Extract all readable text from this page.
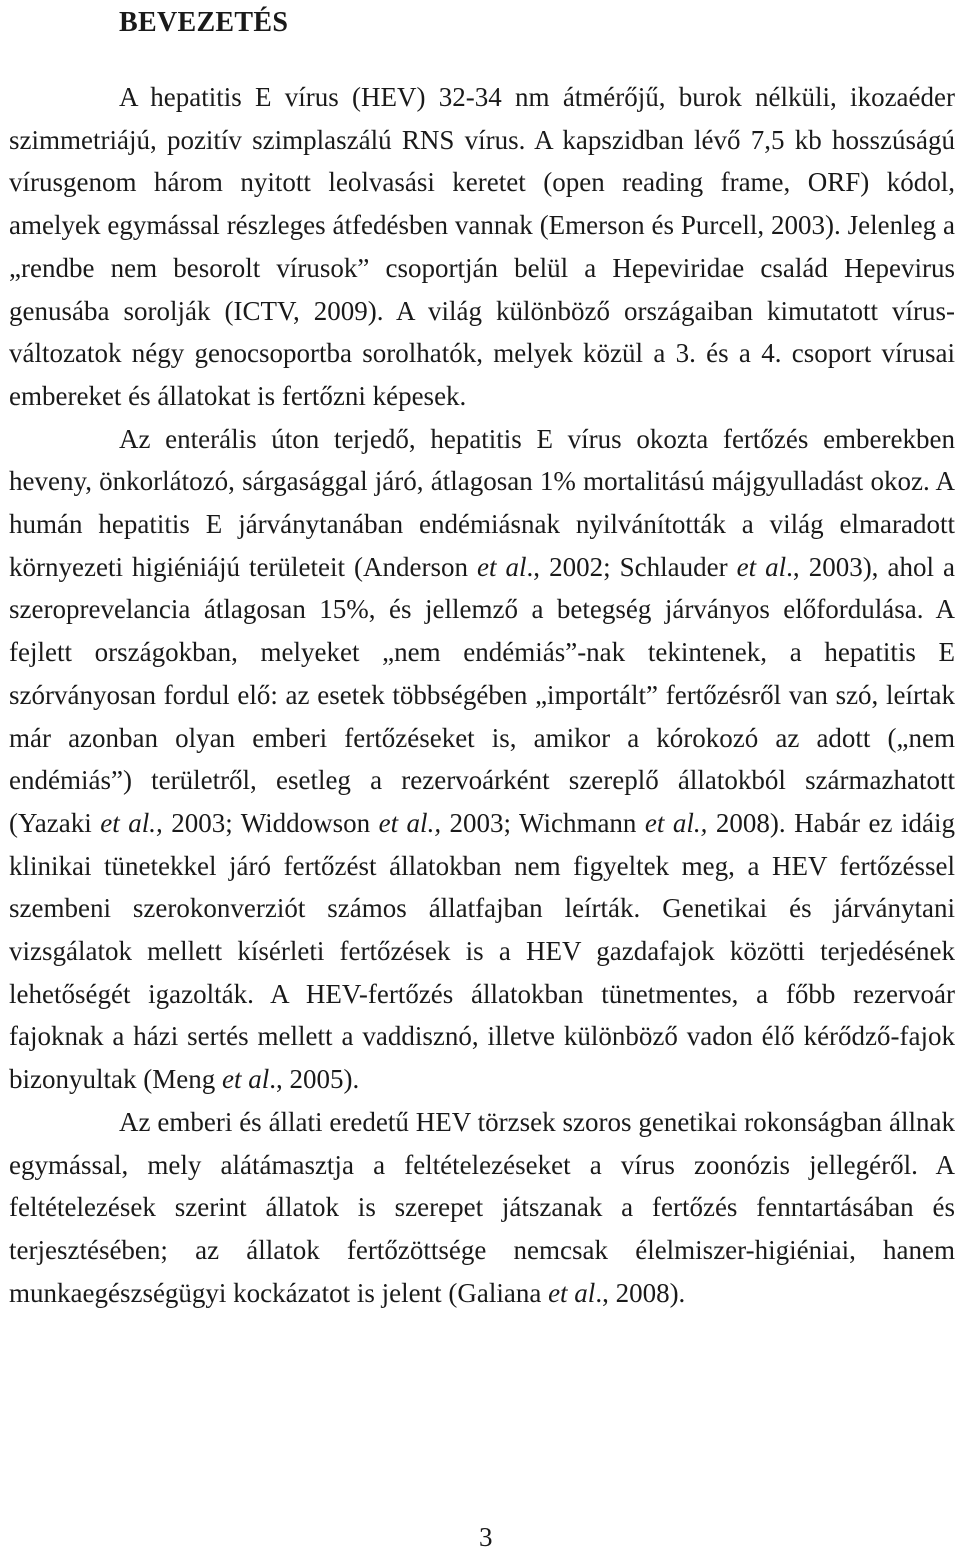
BEVEZETÉS

A hepatitis E vírus (HEV) 32-34 nm átmérőjű, burok nélküli, ikozaéder szimmetriájú, pozitív szimplaszálú RNS vírus. A kapszidban lévő 7,5 kb hosszúságú vírusgenom három nyitott leolvasási keretet (open reading frame, ORF) kódol, amelyek egymással részleges átfedésben vannak (Emerson és Purcell, 2003). Jelenleg a „rendbe nem besorolt vírusok” csoportján belül a Hepeviridae család Hepevirus genusába sorolják (ICTV, 2009). A világ különböző országaiban kimutatott vírus-változatok négy genocsoportba sorolhatók, melyek közül a 3. és a 4. csoport vírusai embereket és állatokat is fertőzni képesek.

Az enterális úton terjedő, hepatitis E vírus okozta fertőzés emberekben heveny, önkorlátozó, sárgasággal járó, átlagosan 1% mortalitású májgyulladást okoz. A humán hepatitis E járványtanában endémiásnak nyilvánították a világ elmaradott környezeti higiéniájú területeit (Anderson et al., 2002; Schlauder et al., 2003), ahol a szeroprevelancia átlagosan 15%, és jellemző a betegség járványos előfordulása. A fejlett országokban, melyeket „nem endémiás”-nak tekintenek, a hepatitis E szórványosan fordul elő: az esetek többségében „importált” fertőzésről van szó, leírtak már azonban olyan emberi fertőzéseket is, amikor a kórokozó az adott („nem endémiás”) területről, esetleg a rezervoárként szereplő állatokból származhatott (Yazaki et al., 2003; Widdowson et al., 2003; Wichmann et al., 2008). Habár ez idáig klinikai tünetekkel járó fertőzést állatokban nem figyeltek meg, a HEV fertőzéssel szembeni szerokonverziót számos állatfajban leírták. Genetikai és járványtani vizsgálatok mellett kísérleti fertőzések is a HEV gazdafajok közötti terjedésének lehetőségét igazolták. A HEV-fertőzés állatokban tünetmentes, a főbb rezervoár fajoknak a házi sertés mellett a vaddisznó, illetve különböző vadon élő kérődző-fajok bizonyultak (Meng et al., 2005).

Az emberi és állati eredetű HEV törzsek szoros genetikai rokonságban állnak egymással, mely alátámasztja a feltételezéseket a vírus zoonózis jellegéről. A feltételezések szerint állatok is szerepet játszanak a fertőzés fenntartásában és terjesztésében; az állatok fertőzöttsége nemcsak élelmiszer-higiéniai, hanem munkaegészségügyi kockázatot is jelent (Galiana et al., 2008).

3
